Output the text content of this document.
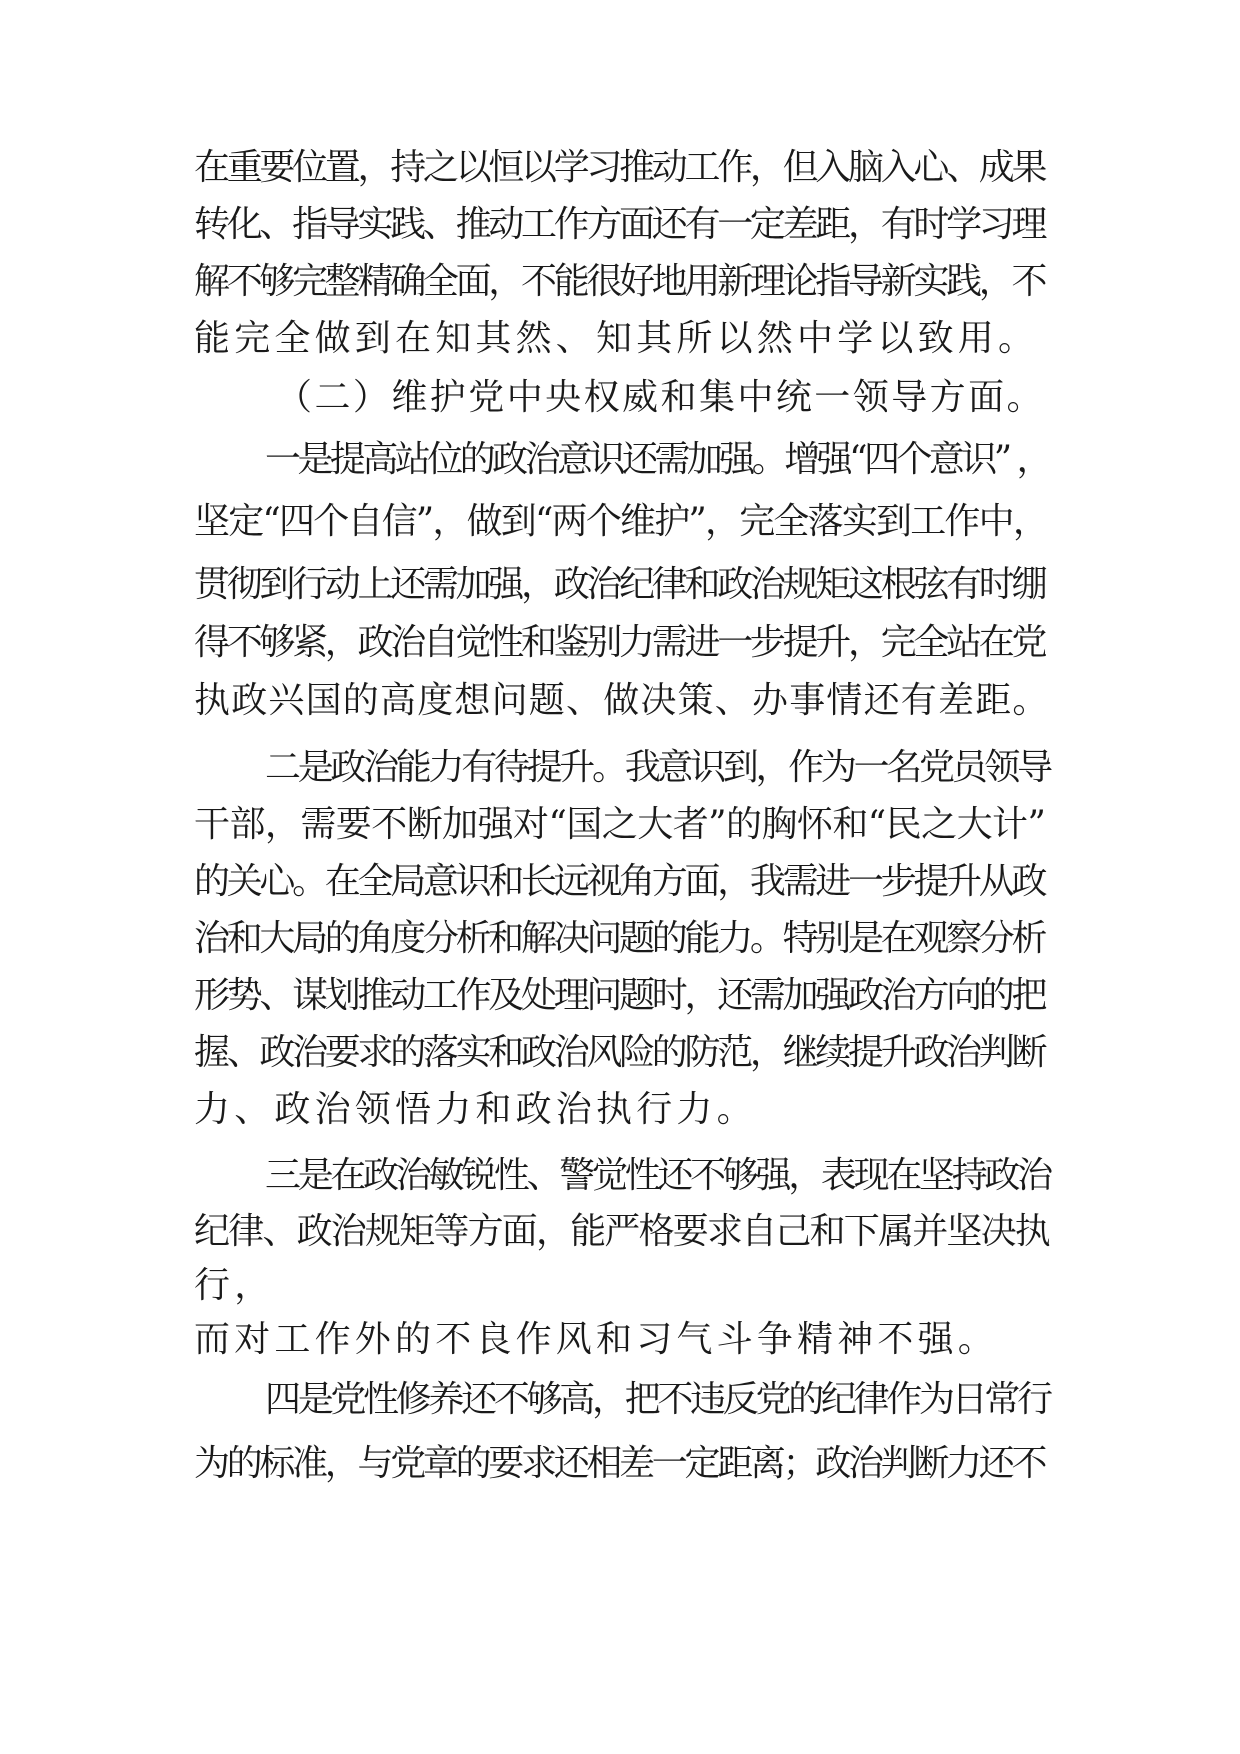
在重要位置，持之以恒以学习推动工作，但入脑入心、成果
转化、指导实践、推动工作方面还有一定差距，有时学习理
解不够完整精确全面，不能很好地用新理论指导新实践，不
能完全做到在知其然、知其所以然中学以致用。
（二）维护党中央权威和集中统一领导方面。
一是提高站位的政治意识还需加强。增强“四个意识” ，
坚定“四个自信”，做到“两个维护”，完全落实到工作中，
贯彻到行动上还需加强，政治纪律和政治规矩这根弦有时绷
得不够紧，政治自觉性和鉴别力需进一步提升，完全站在党
执政兴国的高度想问题、做决策、办事情还有差距。
二是政治能力有待提升。我意识到，作为一名党员领导
干部，需要不断加强对“国之大者”的胸怀和“民之大计”
的关心。在全局意识和长远视角方面，我需进一步提升从政
治和大局的角度分析和解决问题的能力。特别是在观察分析
形势、谋划推动工作及处理问题时，还需加强政治方向的把
握、政治要求的落实和政治风险的防范，继续提升政治判断
力、政治领悟力和政治执行力。
三是在政治敏锐性、警觉性还不够强，表现在坚持政治
纪律、政治规矩等方面，能严格要求自己和下属并坚决执
行，
而对工作外的不良作风和习气斗争精神不强。
四是党性修养还不够高，把不违反党的纪律作为日常行
为的标准，与党章的要求还相差一定距离；政治判断力还不
